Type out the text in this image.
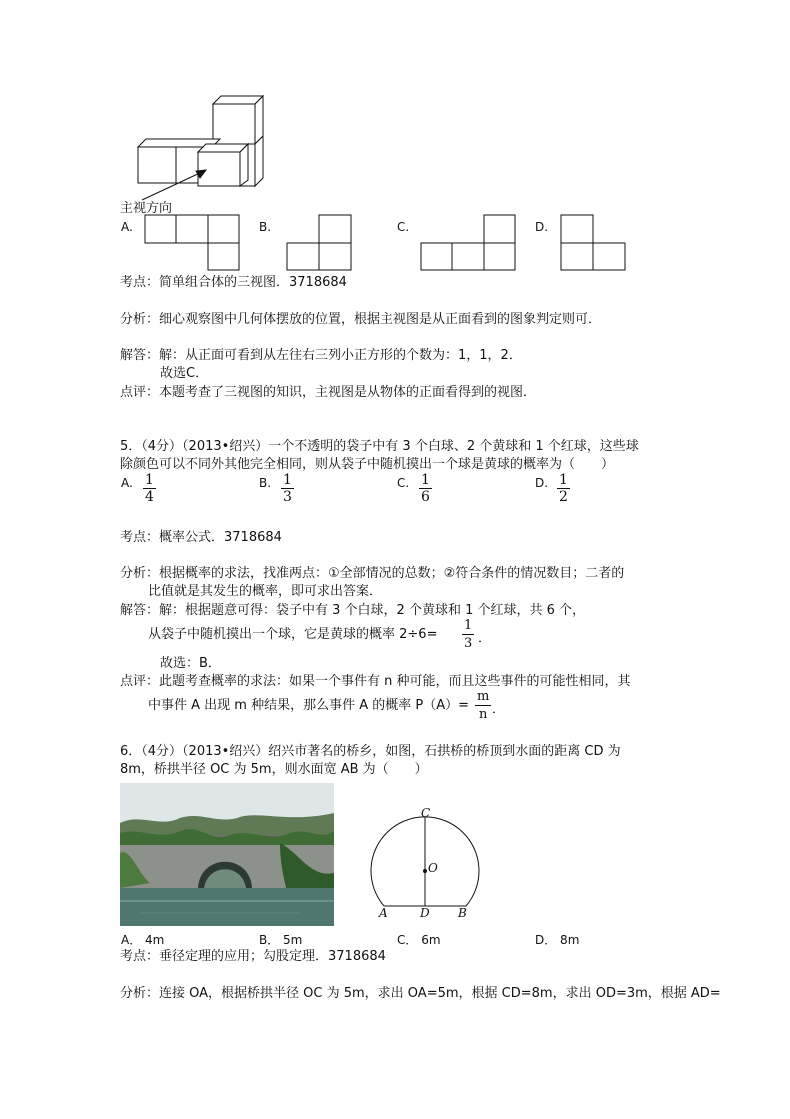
主视方向
A.	B.	C.	D.
考点：简单组合体的三视图．3718684
分析：细心观察图中几何体摆放的位置，根据主视图是从正面看到的图象判定则可．
解答：解：从正面可看到从左往右三列小正方形的个数为：1，1，2．
故选C．
点评：本题考查了三视图的知识，主视图是从物体的正面看得到的视图．
5．（4分）（2013•绍兴）一个不透明的袋子中有 3 个白球、2 个黄球和 1 个红球，这些球
除颜色可以不同外其他完全相同，则从袋子中随机摸出一个球是黄球的概率为（　　）
A. $\frac{1}{4}$	B. $\frac{1}{3}$	C. $\frac{1}{6}$	D. $\frac{1}{2}$
考点：概率公式．3718684
分析：根据概率的求法，找准两点：①全部情况的总数；②符合条件的情况数目；二者的
比值就是其发生的概率，即可求出答案．
解答：解：根据题意可得：袋子中有 3 个白球，2 个黄球和 1 个红球，共 6 个，
从袋子中随机摸出一个球，它是黄球的概率 $2\div 6= \frac{1}{3}$ ．
故选：B．
点评：此题考查概率的求法：如果一个事件有 n 种可能，而且这些事件的可能性相同，其
中事件 A 出现 m 种结果，那么事件 A 的概率 $P(A)= \frac{m}{n}$ ．
6．（4分）（2013•绍兴）绍兴市著名的桥乡，如图，石拱桥的桥顶到水面的距离 CD 为
8m，桥拱半径 OC 为 5m，则水面宽 AB 为（　　）
C
O
A	D B
A． 4m	B． 5m	C． 6m	D． 8m
考点：垂径定理的应用；勾股定理．3718684
分析：连接 OA，根据桥拱半径 OC 为 5m，求出 OA=5m，根据 CD=8m，求出 OD=3m，根据 AD=
